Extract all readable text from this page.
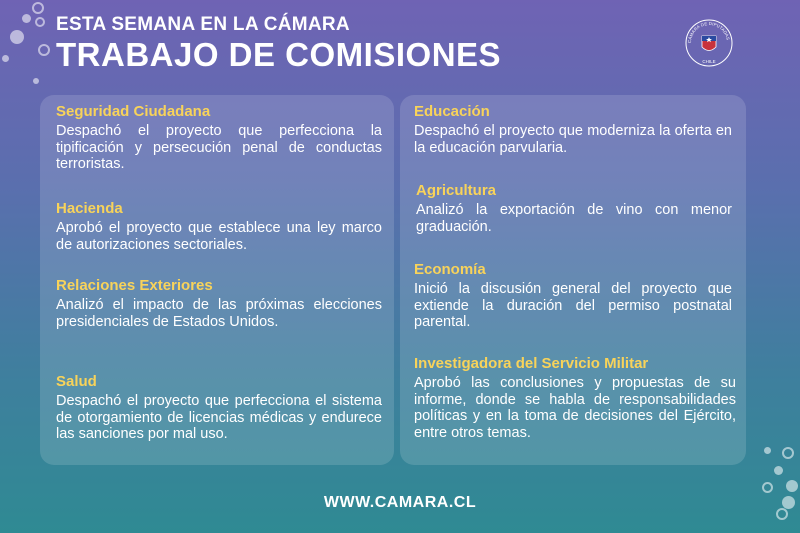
ESTA SEMANA EN LA CÁMARA
TRABAJO DE COMISIONES	CÁMARA DE DIPUTADAS
CHILE
Seguridad Ciudadana

Despachó el proyecto que perfecciona la tipificación y persecución penal de conductas terroristas.

Hacienda

Aprobó el proyecto que establece una ley marco de autorizaciones sectoriales.

Relaciones Exteriores

Analizó el impacto de las próximas elecciones presidenciales de Estados Unidos.

Salud

Despachó el proyecto que perfecciona el sistema de otorgamiento de licencias médicas y endurece las sanciones por mal uso.

Educación

Despachó el proyecto que moderniza la oferta en la educación parvularia.

Agricultura

Analizó la exportación de vino con menor graduación.

Economía

Inició la discusión general del proyecto que extiende la duración del permiso postnatal parental.

Investigadora del Servicio Militar

Aprobó las conclusiones y propuestas de su informe, donde se habla de responsabilidades políticas y en la toma de decisiones del Ejército, entre otros temas.

WWW.CAMARA.CL
